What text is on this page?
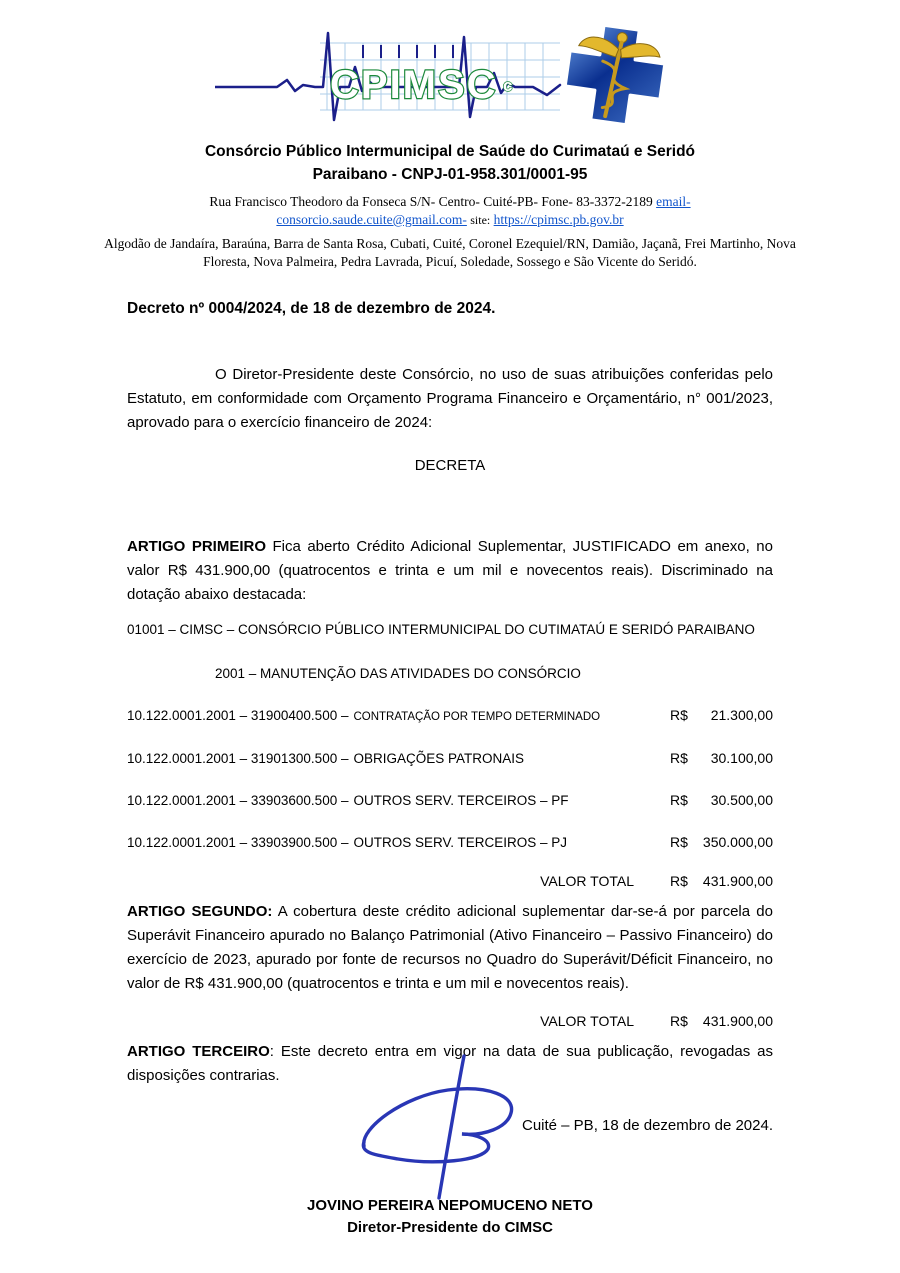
CPIMSC c
Consórcio Público Intermunicipal de Saúde do Curimataú e Seridó
Paraibano - CNPJ-01-958.301/0001-95
Rua Francisco Theodoro da Fonseca S/N- Centro- Cuité-PB- Fone- 83-3372-2189 email-
consorcio.saude.cuite@gmail.com- site: https://cpimsc.pb.gov.br
Algodão de Jandaíra, Baraúna, Barra de Santa Rosa, Cubati, Cuité, Coronel Ezequiel/RN, Damião, Jaçanã, Frei Martinho, Nova Floresta, Nova Palmeira, Pedra Lavrada, Picuí, Soledade, Sossego e São Vicente do Seridó.
Decreto nº 0004/2024, de 18 de dezembro de 2024.

O Diretor-Presidente deste Consórcio, no uso de suas atribuições conferidas pelo Estatuto, em conformidade com Orçamento Programa Financeiro e Orçamentário, n° 001/2023, aprovado para o exercício financeiro de 2024:

DECRETA

ARTIGO PRIMEIRO Fica aberto Crédito Adicional Suplementar, JUSTIFICADO em anexo, no valor R$ 431.900,00 (quatrocentos e trinta e um mil e novecentos reais). Discriminado na dotação abaixo destacada:

01001 – CIMSC – CONSÓRCIO PÚBLICO INTERMUNICIPAL DO CUTIMATAÚ E SERIDÓ PARAIBANO

2001 – MANUTENÇÃO DAS ATIVIDADES DO CONSÓRCIO

10.122.0001.2001 – 31900400.500 – CONTRATAÇÃO POR TEMPO DETERMINADO	R$ 21.300,00
10.122.0001.2001 – 31901300.500 – OBRIGAÇÕES PATRONAIS	R$ 30.100,00
10.122.0001.2001 – 33903600.500 – OUTROS SERV. TERCEIROS – PF	R$ 30.500,00
10.122.0001.2001 – 33903900.500 – OUTROS SERV. TERCEIROS – PJ	R$ 350.000,00
VALOR TOTAL	R$ 431.900,00

ARTIGO SEGUNDO: A cobertura deste crédito adicional suplementar dar-se-á por parcela do Superávit Financeiro apurado no Balanço Patrimonial (Ativo Financeiro – Passivo Financeiro) do exercício de 2023, apurado por fonte de recursos no Quadro do Superávit/Déficit Financeiro, no valor de R$ 431.900,00 (quatrocentos e trinta e um mil e novecentos reais).

VALOR TOTAL	R$ 431.900,00

ARTIGO TERCEIRO: Este decreto entra em vigor na data de sua publicação, revogadas as disposições contrarias.

Cuité – PB, 18 de dezembro de 2024.

JOVINO PEREIRA NEPOMUCENO NETO
Diretor-Presidente do CIMSC
